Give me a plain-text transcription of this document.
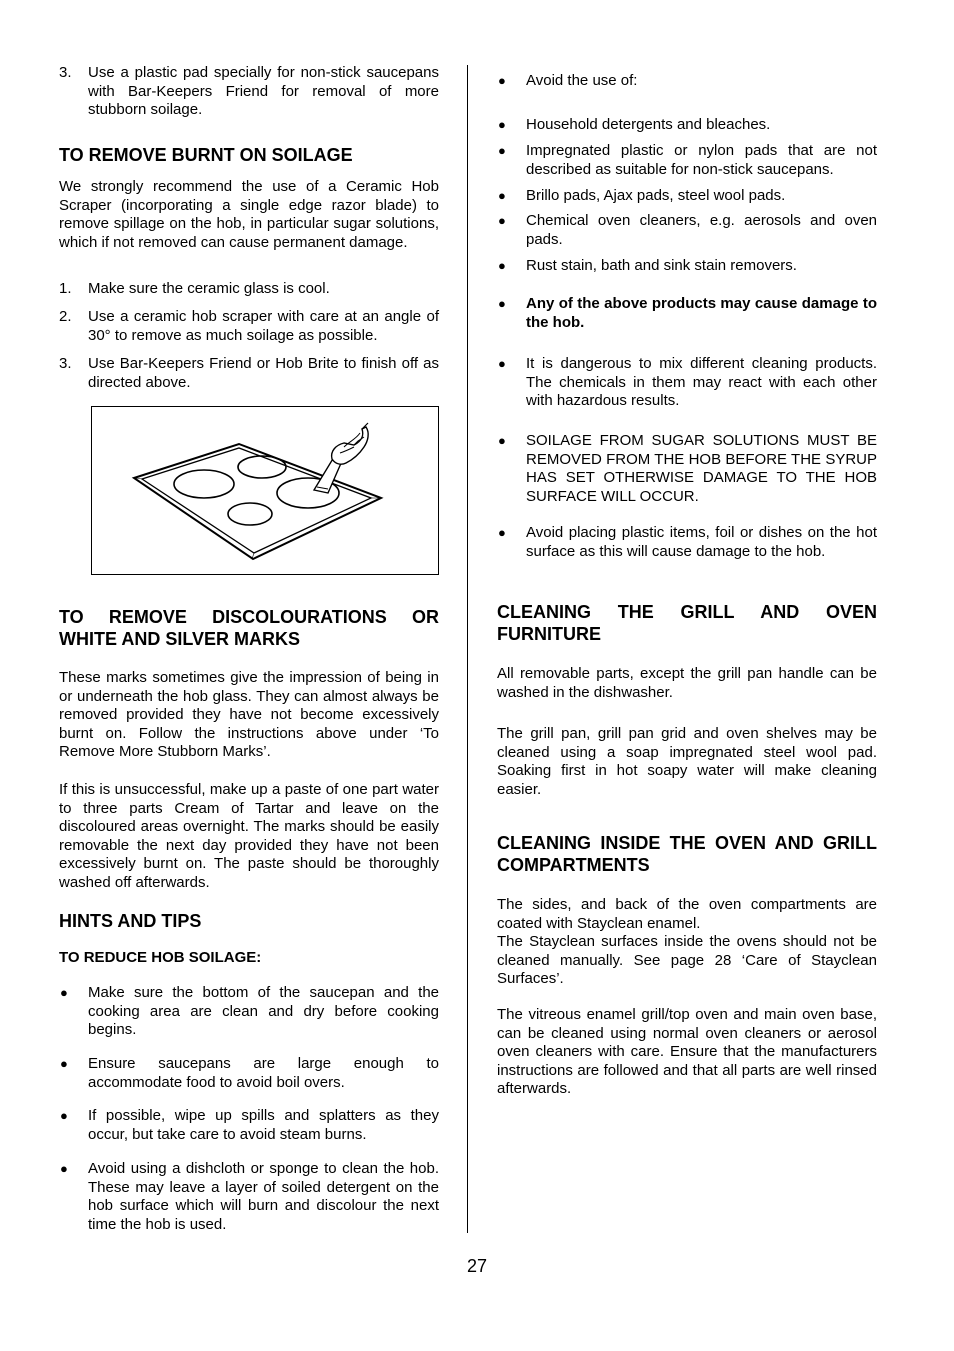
3. Use a plastic pad specially for non-stick saucepans with Bar-Keepers Friend for removal of more stubborn soilage.
TO REMOVE BURNT ON SOILAGE

We strongly recommend the use of a Ceramic Hob Scraper (incorporating a single edge razor blade) to remove spillage on the hob, in particular sugar solutions, which if not removed can cause permanent damage.

1. Make sure the ceramic glass is cool.
2. Use a ceramic hob scraper with care at an angle of 30° to remove as much soilage as possible.
3. Use Bar-Keepers Friend or Hob Brite to finish off as directed above.
TO REMOVE DISCOLOURATIONS OR WHITE AND SILVER MARKS

These marks sometimes give the impression of being in or underneath the hob glass. They can almost always be removed provided they have not become excessively burnt on. Follow the instructions above under ‘To Remove More Stubborn Marks’.

If this is unsuccessful, make up a paste of one part water to three parts Cream of Tartar and leave on the discoloured areas overnight. The marks should be easily removable the next day provided they have not been excessively burnt on. The paste should be thoroughly washed off afterwards.

HINTS AND TIPS
TO REDUCE HOB SOILAGE:
● Make sure the bottom of the saucepan and the cooking area are clean and dry before cooking begins.
● Ensure saucepans are large enough to accommodate food to avoid boil overs.
● If possible, wipe up spills and splatters as they occur, but take care to avoid steam burns.
● Avoid using a dishcloth or sponge to clean the hob. These may leave a layer of soiled detergent on the hob surface which will burn and discolour the next time the hob is used.
● Avoid the use of:
● Household detergents and bleaches.
● Impregnated plastic or nylon pads that are not described as suitable for non-stick saucepans.
● Brillo pads, Ajax pads, steel wool pads.
● Chemical oven cleaners, e.g. aerosols and oven pads.
● Rust stain, bath and sink stain removers.
● Any of the above products may cause damage to the hob.
● It is dangerous to mix different cleaning products. The chemicals in them may react with each other with hazardous results.
● SOILAGE FROM SUGAR SOLUTIONS MUST BE REMOVED FROM THE HOB BEFORE THE SYRUP HAS SET OTHERWISE DAMAGE TO THE HOB SURFACE WILL OCCUR.
● Avoid placing plastic items, foil or dishes on the hot surface as this will cause damage to the hob.
CLEANING THE GRILL AND OVEN FURNITURE

All removable parts, except the grill pan handle can be washed in the dishwasher.

The grill pan, grill pan grid and oven shelves may be cleaned using a soap impregnated steel wool pad. Soaking first in hot soapy water will make cleaning easier.

CLEANING INSIDE THE OVEN AND GRILL COMPARTMENTS

The sides, and back of the oven compartments are coated with Stayclean enamel.

The Stayclean surfaces inside the ovens should not be cleaned manually. See page 28 ‘Care of Stayclean Surfaces’.

The vitreous enamel grill/top oven and main oven base, can be cleaned using normal oven cleaners or aerosol oven cleaners with care. Ensure that the manufacturers instructions are followed and that all parts are well rinsed afterwards.

27
